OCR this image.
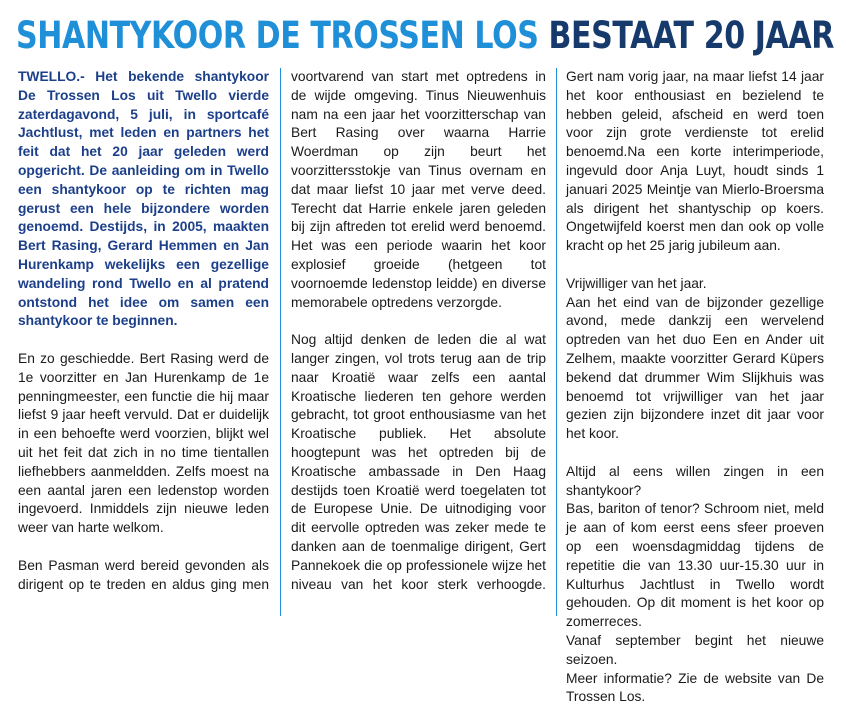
SHANTYKOOR DE TROSSEN LOS BESTAAT 20 JAAR

TWELLO.- Het bekende shantykoor De Trossen Los uit Twello vierde zaterdagavond, 5 juli, in sportcafé Jachtlust, met leden en partners het feit dat het 20 jaar geleden werd opgericht. De aanleiding om in Twello een shantykoor op te richten mag gerust een hele bijzondere worden genoemd. Destijds, in 2005, maakten Bert Rasing, Gerard Hemmen en Jan Hurenkamp wekelijks een gezellige wandeling rond Twello en al pratend ontstond het idee om samen een shantykoor te beginnen.

En zo geschiedde. Bert Rasing werd de 1e voorzitter en Jan Hurenkamp de 1e penningmeester, een functie die hij maar liefst 9 jaar heeft vervuld. Dat er duidelijk in een behoefte werd voorzien, blijkt wel uit het feit dat zich in no time tientallen liefhebbers aanmeldden. Zelfs moest na een aantal jaren een ledenstop worden ingevoerd. Inmiddels zijn nieuwe leden weer van harte welkom.

Ben Pasman werd bereid gevonden als dirigent op te treden en aldus ging men

voortvarend van start met optredens in de wijde omgeving. Tinus Nieuwenhuis nam na een jaar het voorzitterschap van Bert Rasing over waarna Harrie Woerdman op zijn beurt het voorzittersstokje van Tinus overnam en dat maar liefst 10 jaar met verve deed. Terecht dat Harrie enkele jaren geleden bij zijn aftreden tot erelid werd benoemd. Het was een periode waarin het koor explosief groeide (hetgeen tot voornoemde ledenstop leidde) en diverse memorabele optredens verzorgde.

Nog altijd denken de leden die al wat langer zingen, vol trots terug aan de trip naar Kroatië waar zelfs een aantal Kroatische liederen ten gehore werden gebracht, tot groot enthousiasme van het Kroatische publiek. Het absolute hoogtepunt was het optreden bij de Kroatische ambassade in Den Haag destijds toen Kroatië werd toegelaten tot de Europese Unie. De uitnodiging voor dit eervolle optreden was zeker mede te danken aan de toenmalige dirigent, Gert Pannekoek die op professionele wijze het niveau van het koor sterk verhoogde.

Gert nam vorig jaar, na maar liefst 14 jaar het koor enthousiast en bezielend te hebben geleid, afscheid en werd toen voor zijn grote verdienste tot erelid benoemd.Na een korte interimperiode, ingevuld door Anja Luyt, houdt sinds 1 januari 2025 Meintje van Mierlo-Broersma als dirigent het shantyschip op koers. Ongetwijfeld koerst men dan ook op volle kracht op het 25 jarig jubileum aan.

Vrijwilliger van het jaar.

Aan het eind van de bijzonder gezellige avond, mede dankzij een wervelend optreden van het duo Een en Ander uit Zelhem, maakte voorzitter Gerard Küpers bekend dat drummer Wim Slijkhuis was benoemd tot vrijwilliger van het jaar gezien zijn bijzondere inzet dit jaar voor het koor.

Altijd al eens willen zingen in een shantykoor?

Bas, bariton of tenor? Schroom niet, meld je aan of kom eerst eens sfeer proeven op een woensdagmiddag tijdens de repetitie die van 13.30 uur-15.30 uur in Kulturhus Jachtlust in Twello wordt gehouden. Op dit moment is het koor op zomerreces.

Vanaf september begint het nieuwe seizoen.

Meer informatie? Zie de website van De Trossen Los.
